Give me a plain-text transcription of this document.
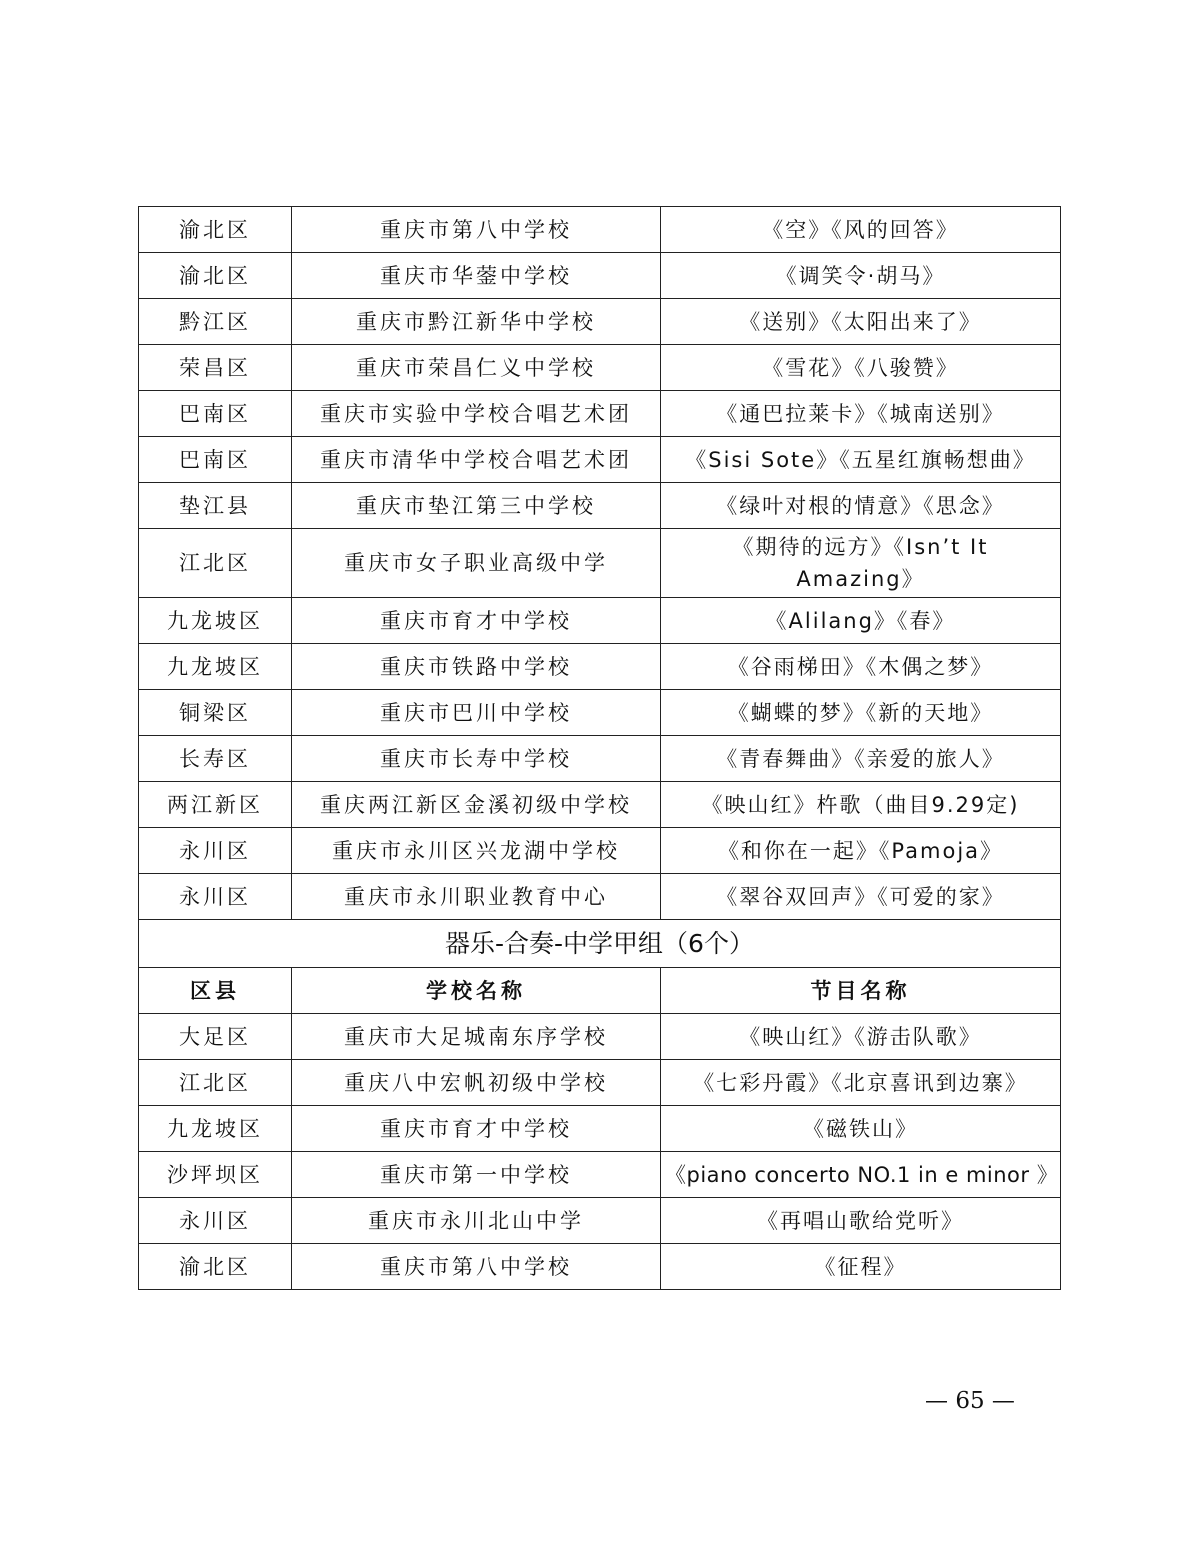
渝北区	重庆市第八中学校	《空》《风的回答》
渝北区	重庆市华蓥中学校	《调笑令·胡马》
黔江区	重庆市黔江新华中学校	《送别》《太阳出来了》
荣昌区	重庆市荣昌仁义中学校	《雪花》《八骏赞》
巴南区	重庆市实验中学校合唱艺术团	《通巴拉莱卡》《城南送别》
巴南区	重庆市清华中学校合唱艺术团	《Sisi Sote》《五星红旗畅想曲》
垫江县	重庆市垫江第三中学校	《绿叶对根的情意》《思念》
江北区	重庆市女子职业高级中学	《期待的远方》《Isn’t It Amazing》
九龙坡区	重庆市育才中学校	《Alilang》《春》
九龙坡区	重庆市铁路中学校	《谷雨梯田》《木偶之梦》
铜梁区	重庆市巴川中学校	《蝴蝶的梦》《新的天地》
长寿区	重庆市长寿中学校	《青春舞曲》《亲爱的旅人》
两江新区	重庆两江新区金溪初级中学校	《映山红》杵歌（曲目9.29定)
永川区	重庆市永川区兴龙湖中学校	《和你在一起》《Pamoja》
永川区	重庆市永川职业教育中心	《翠谷双回声》《可爱的家》
器乐-合奏-中学甲组（6个）		
区县	学校名称	节目名称
大足区	重庆市大足城南东序学校	《映山红》《游击队歌》
江北区	重庆八中宏帆初级中学校	《七彩丹霞》《北京喜讯到边寨》
九龙坡区	重庆市育才中学校	《磁铁山》
沙坪坝区	重庆市第一中学校	《piano concerto NO.1 in e minor 》
永川区	重庆市永川北山中学	《再唱山歌给党听》
渝北区	重庆市第八中学校	《征程》
— 65 —
